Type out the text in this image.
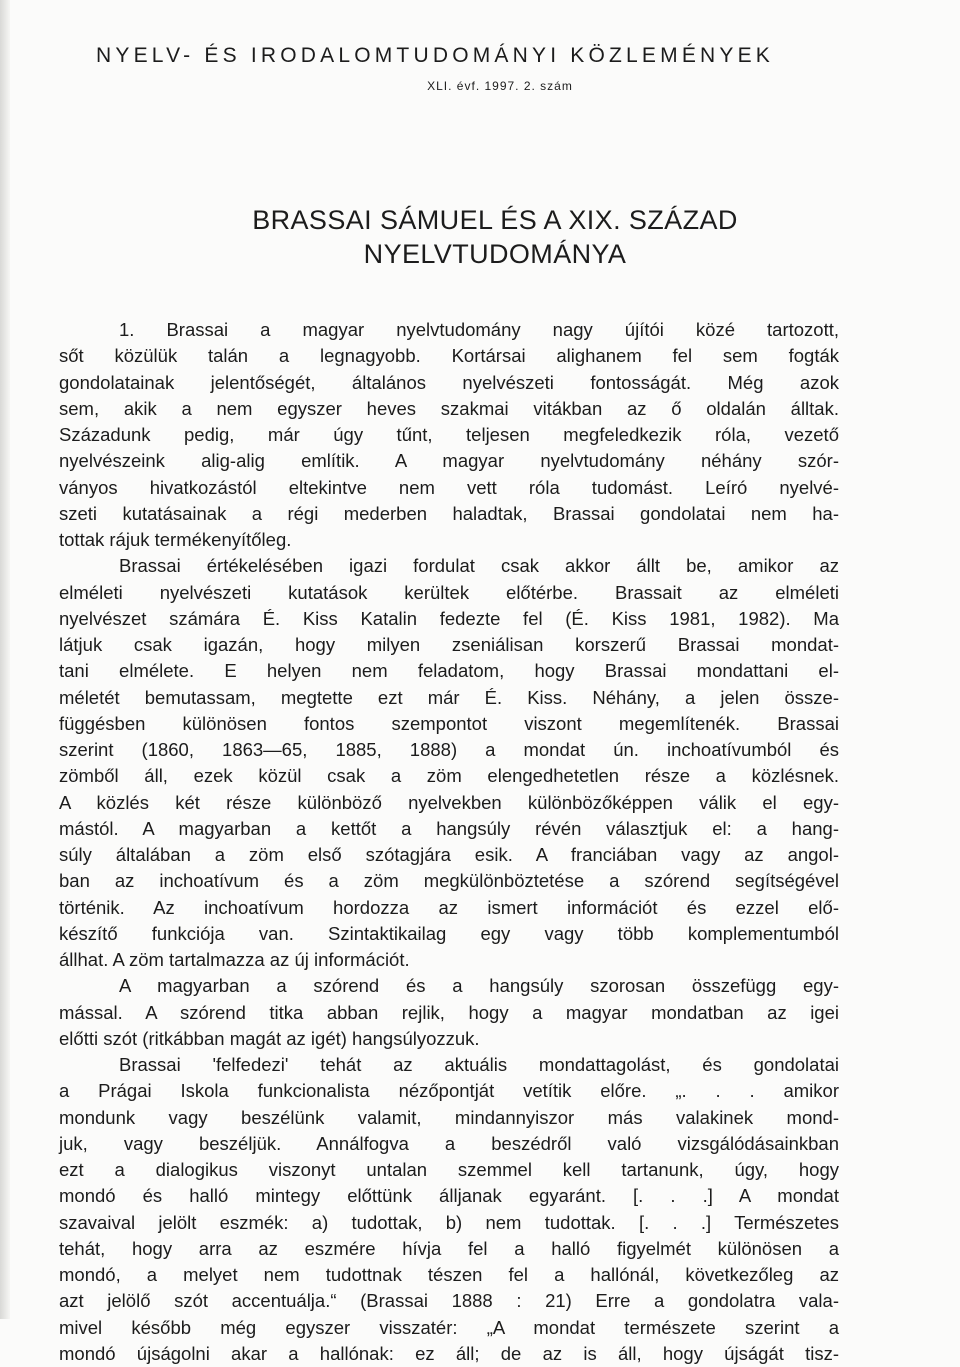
NYELV- ÉS IRODALOMTUDOMÁNYI KÖZLEMÉNYEK
XLI. évf. 1997. 2. szám
BRASSAI SÁMUEL ÉS A XIX. SZÁZAD
NYELVTUDOMÁNYA
1. Brassai a magyar nyelvtudomány nagy újítói közé tartozott,
sőt közülük talán a legnagyobb. Kortársai alighanem fel sem fogták
gondolatainak jelentőségét, általános nyelvészeti fontosságát. Még azok
sem, akik a nem egyszer heves szakmai vitákban az ő oldalán álltak.
Századunk pedig, már úgy tűnt, teljesen megfeledkezik róla, vezető
nyelvészeink alig-alig említik. A magyar nyelvtudomány néhány szór-
ványos hivatkozástól eltekintve nem vett róla tudomást. Leíró nyelvé-
szeti kutatásainak a régi mederben haladtak, Brassai gondolatai nem ha-
tottak rájuk termékenyítőleg.
Brassai értékelésében igazi fordulat csak akkor állt be, amikor az
elméleti nyelvészeti kutatások kerültek előtérbe. Brassait az elméleti
nyelvészet számára É. Kiss Katalin fedezte fel (É. Kiss 1981, 1982). Ma
látjuk csak igazán, hogy milyen zseniálisan korszerű Brassai mondat-
tani elmélete. E helyen nem feladatom, hogy Brassai mondattani el-
méletét bemutassam, megtette ezt már É. Kiss. Néhány, a jelen össze-
függésben különösen fontos szempontot viszont megemlítenék. Brassai
szerint (1860, 1863—65, 1885, 1888) a mondat ún. inchoatívumból és
zömből áll, ezek közül csak a zöm elengedhetetlen része a közlésnek.
A közlés két része különböző nyelvekben különbözőképpen válik el egy-
mástól. A magyarban a kettőt a hangsúly révén választjuk el: a hang-
súly általában a zöm első szótagjára esik. A franciában vagy az angol-
ban az inchoatívum és a zöm megkülönböztetése a szórend segítségével
történik. Az inchoatívum hordozza az ismert információt és ezzel elő-
készítő funkciója van. Szintaktikailag egy vagy több komplementumból
állhat. A zöm tartalmazza az új információt.
A magyarban a szórend és a hangsúly szorosan összefügg egy-
mással. A szórend titka abban rejlik, hogy a magyar mondatban az igei
előtti szót (ritkábban magát az igét) hangsúlyozzuk.
Brassai 'felfedezi' tehát az aktuális mondattagolást, és gondolatai
a Prágai Iskola funkcionalista nézőpontját vetítik előre. „. . . amikor
mondunk vagy beszélünk valamit, mindannyiszor más valakinek mond-
juk, vagy beszéljük. Annálfogva a beszédről való vizsgálódásainkban
ezt a dialogikus viszonyt untalan szemmel kell tartanunk, úgy, hogy
mondó és halló mintegy előttünk álljanak egyaránt. [. . .] A mondat
szavaival jelölt eszmék: a) tudottak, b) nem tudottak. [. . .] Természetes
tehát, hogy arra az eszmére hívja fel a halló figyelmét különösen a
mondó, a melyet nem tudottnak tészen fel a hallónál, következőleg az
azt jelölő szót accentuálja.“ (Brassai 1888 : 21) Erre a gondolatra vala-
mivel később még egyszer visszatér: „A mondat természete szerint a
mondó újságolni akar a hallónak: ez áll; de az is áll, hogy újságát tisz-
